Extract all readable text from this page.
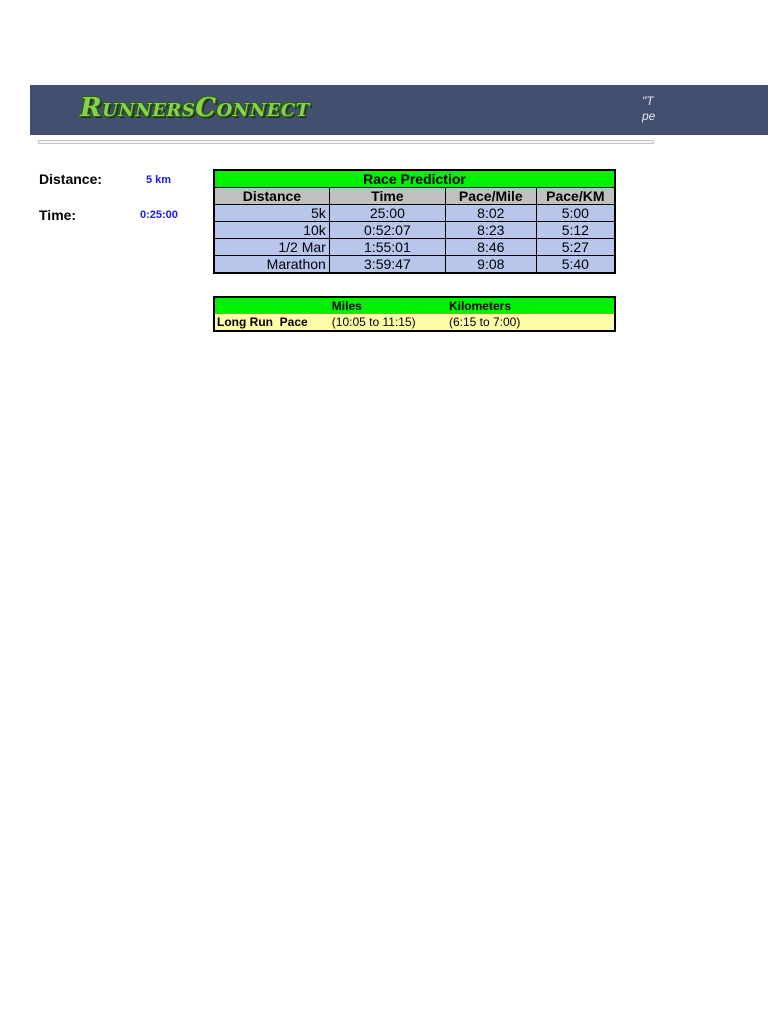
RunnersConnect	"T
pe
Distance:	5 km
Time:	0:25:00
Race Predictior			
Distance	Time	Pace/Mile	Pace/KM
5k	25:00	8:02	5:00
10k	0:52:07	8:23	5:12
1/2 Mar	1:55:01	8:46	5:27
Marathon	3:59:47	9:08	5:40
	Miles	Kilometers	
Long Run  Pace	(10:05 to 11:15)	(6:15 to 7:00)	
